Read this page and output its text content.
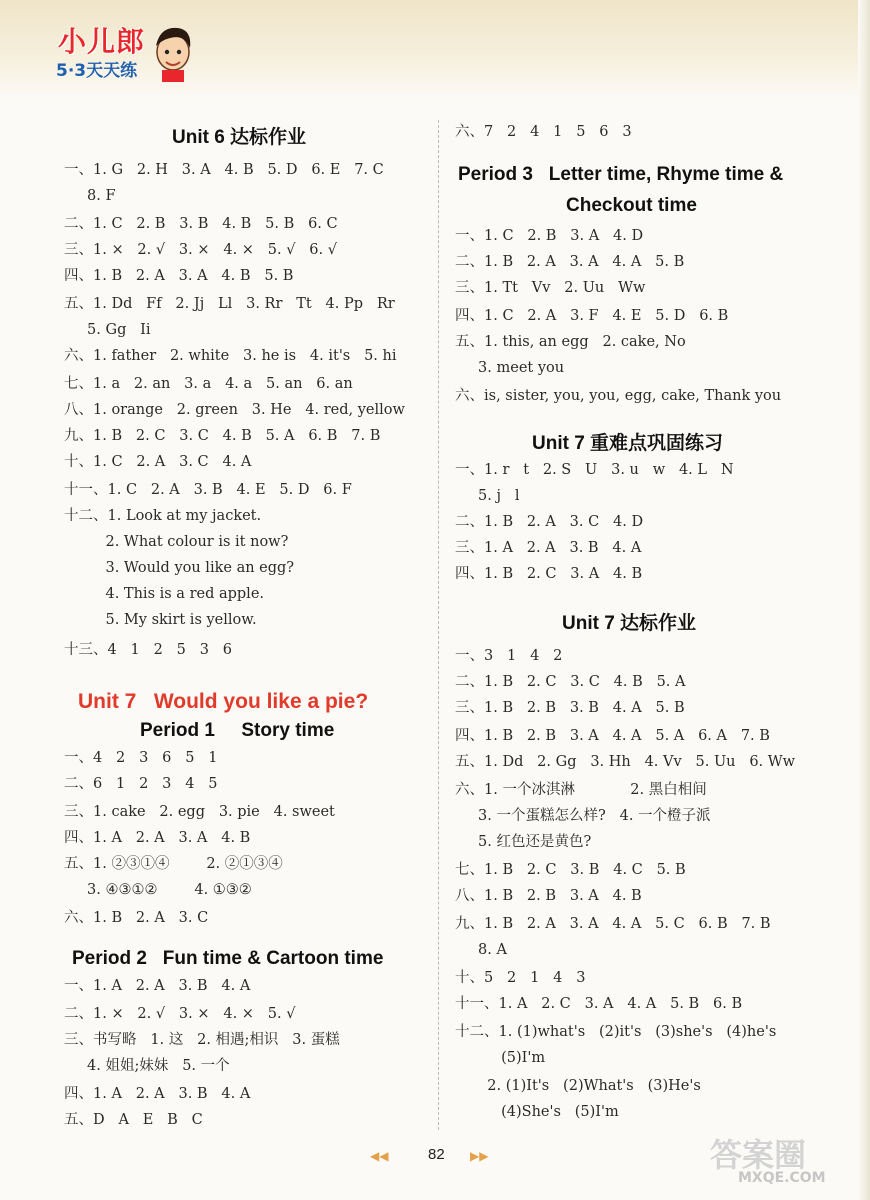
小儿郎
5·3天天练
Unit 6 达标作业
一、1. G   2. H   3. A   4. B   5. D   6. E   7. C
8. F
二、1. C   2. B   3. B   4. B   5. B   6. C
三、1. ×   2. √   3. ×   4. ×   5. √   6. √
四、1. B   2. A   3. A   4. B   5. B
五、1. Dd   Ff   2. Jj   Ll   3. Rr   Tt   4. Pp   Rr
5. Gg   Ii
六、1. father   2. white   3. he is   4. it's   5. hi
七、1. a   2. an   3. a   4. a   5. an   6. an
八、1. orange   2. green   3. He   4. red, yellow
九、1. B   2. C   3. C   4. B   5. A   6. B   7. B
十、1. C   2. A   3. C   4. A
十一、1. C   2. A   3. B   4. E   5. D   6. F
十二、1. Look at my jacket.
2. What colour is it now?
3. Would you like an egg?
4. This is a red apple.
5. My skirt is yellow.
十三、4   1   2   5   3   6
Unit 7   Would you like a pie?
Period 1     Story time
一、4   2   3   6   5   1
二、6   1   2   3   4   5
三、1. cake   2. egg   3. pie   4. sweet
四、1. A   2. A   3. A   4. B
五、1. ②③①④        2. ②①③④
3. ④③①②        4. ①③②
六、1. B   2. A   3. C
Period 2   Fun time & Cartoon time
一、1. A   2. A   3. B   4. A
二、1. ×   2. √   3. ×   4. ×   5. √
三、书写略   1. 这   2. 相遇;相识   3. 蛋糕
4. 姐姐;妹妹   5. 一个
四、1. A   2. A   3. B   4. A
五、D   A   E   B   C
六、7   2   4   1   5   6   3
Period 3   Letter time, Rhyme time &
Checkout time
一、1. C   2. B   3. A   4. D
二、1. B   2. A   3. A   4. A   5. B
三、1. Tt   Vv   2. Uu   Ww
四、1. C   2. A   3. F   4. E   5. D   6. B
五、1. this, an egg   2. cake, No
3. meet you
六、is, sister, you, you, egg, cake, Thank you
Unit 7 重难点巩固练习
一、1. r   t   2. S   U   3. u   w   4. L   N
5. j   l
二、1. B   2. A   3. C   4. D
三、1. A   2. A   3. B   4. A
四、1. B   2. C   3. A   4. B
Unit 7 达标作业
一、3   1   4   2
二、1. B   2. C   3. C   4. B   5. A
三、1. B   2. B   3. B   4. A   5. B
四、1. B   2. B   3. A   4. A   5. A   6. A   7. B
五、1. Dd   2. Gg   3. Hh   4. Vv   5. Uu   6. Ww
六、1. 一个冰淇淋            2. 黑白相间
3. 一个蛋糕怎么样?   4. 一个橙子派
5. 红色还是黄色?
七、1. B   2. C   3. B   4. C   5. B
八、1. B   2. B   3. A   4. B
九、1. B   2. A   3. A   4. A   5. C   6. B   7. B
8. A
十、5   2   1   4   3
十一、1. A   2. C   3. A   4. A   5. B   6. B
十二、1. (1)what's   (2)it's   (3)she's   (4)he's
(5)I'm
2. (1)It's   (2)What's   (3)He's
(4)She's   (5)I'm
◀◀	82 ▶▶	答案圈
MXQE.COM
